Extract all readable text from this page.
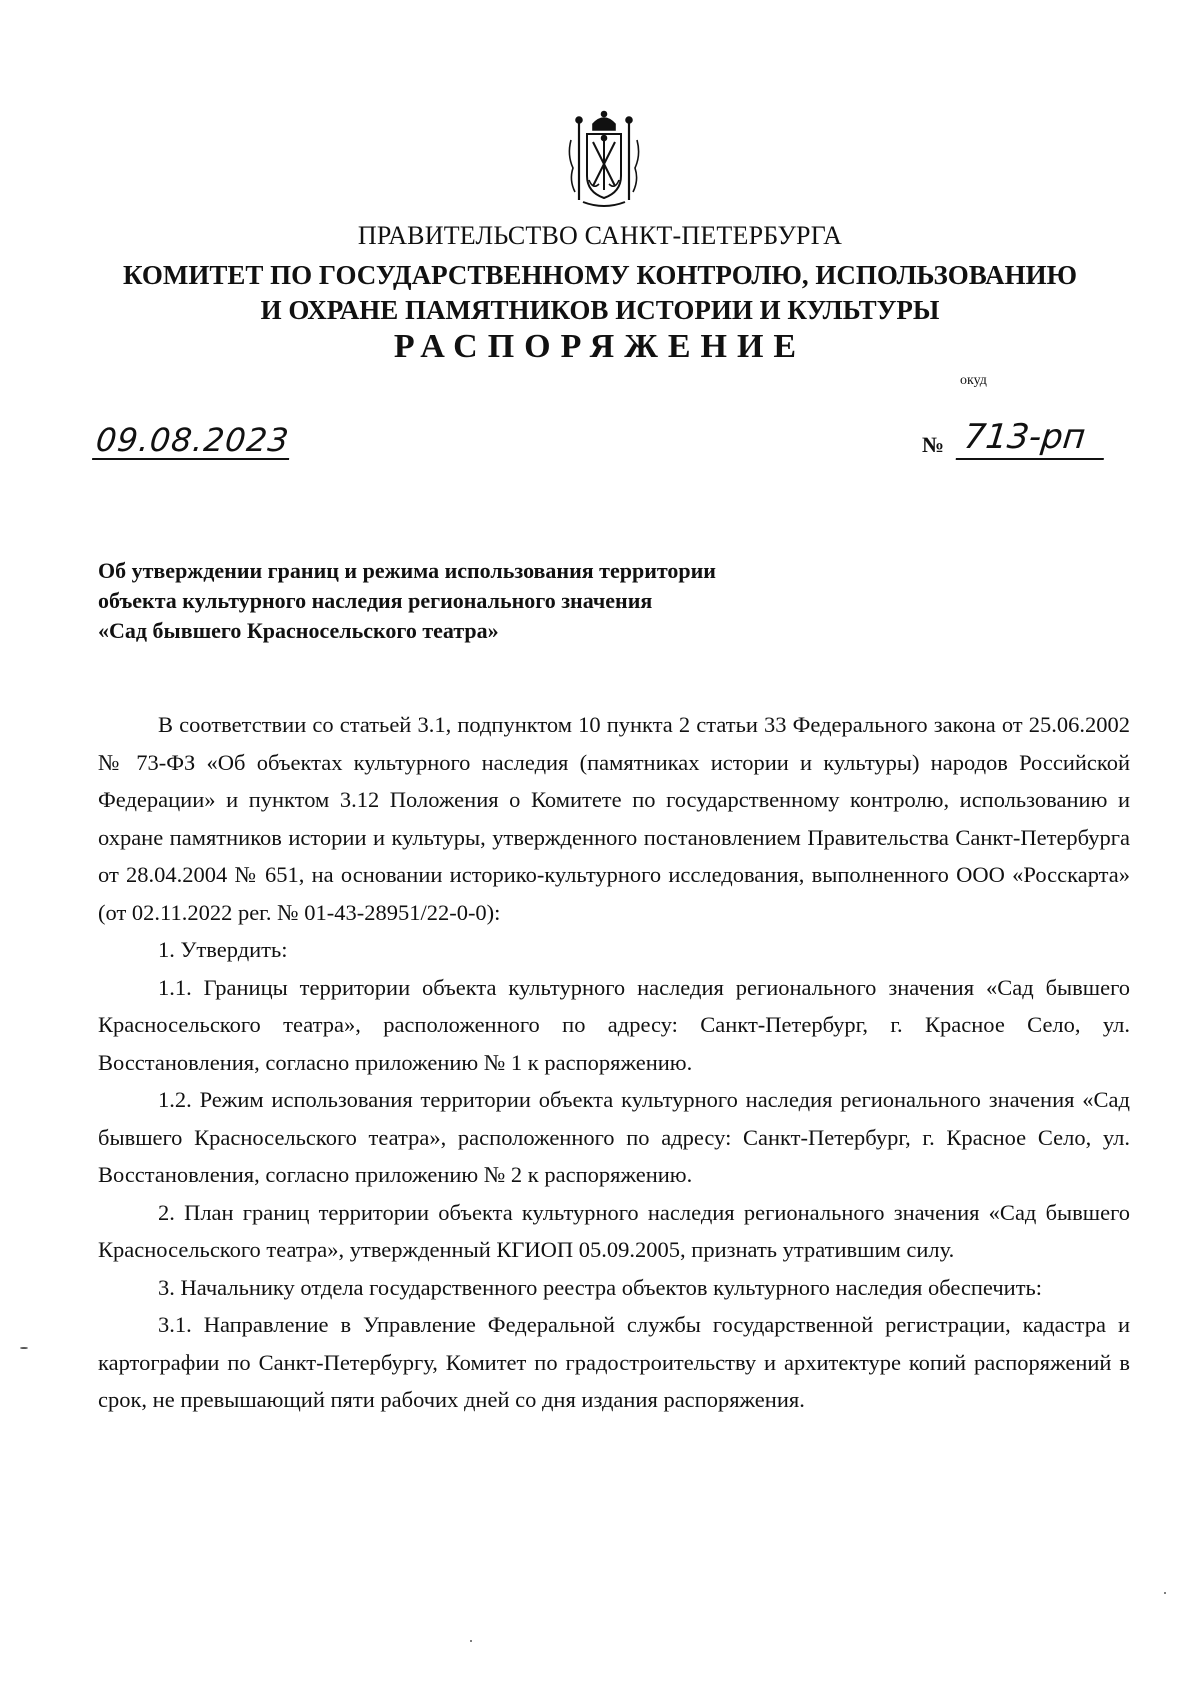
ПРАВИТЕЛЬСТВО САНКТ-ПЕТЕРБУРГА
КОМИТЕТ ПО ГОСУДАРСТВЕННОМУ КОНТРОЛЮ, ИСПОЛЬЗОВАНИЮ
И ОХРАНЕ ПАМЯТНИКОВ ИСТОРИИ И КУЛЬТУРЫ
РАСПОРЯЖЕНИЕ
окуд
09.08.2023	№ 713-рп
Об утверждении границ и режима использования территории
объекта культурного наследия регионального значения
«Сад бывшего Красносельского театра»

В соответствии со статьей 3.1, подпунктом 10 пункта 2 статьи 33 Федерального закона от 25.06.2002 № 73-ФЗ «Об объектах культурного наследия (памятниках истории и культуры) народов Российской Федерации» и пунктом 3.12 Положения о Комитете по государственному контролю, использованию и охране памятников истории и культуры, утвержденного постановлением Правительства Санкт-Петербурга от 28.04.2004 № 651, на основании историко-культурного исследования, выполненного ООО «Росскарта» (от 02.11.2022 рег. № 01-43-28951/22-0-0):

1. Утвердить:

1.1. Границы территории объекта культурного наследия регионального значения «Сад бывшего Красносельского театра», расположенного по адресу: Санкт-Петербург, г. Красное Село, ул. Восстановления, согласно приложению № 1 к распоряжению.

1.2. Режим использования территории объекта культурного наследия регионального значения «Сад бывшего Красносельского театра», расположенного по адресу: Санкт-Петербург, г. Красное Село, ул. Восстановления, согласно приложению № 2 к распоряжению.

2. План границ территории объекта культурного наследия регионального значения «Сад бывшего Красносельского театра», утвержденный КГИОП 05.09.2005, признать утратившим силу.

3. Начальнику отдела государственного реестра объектов культурного наследия обеспечить:

3.1. Направление в Управление Федеральной службы государственной регистрации, кадастра и картографии по Санкт-Петербургу, Комитет по градостроительству и архитектуре копий распоряжений в срок, не превышающий пяти рабочих дней со дня издания распоряжения.
